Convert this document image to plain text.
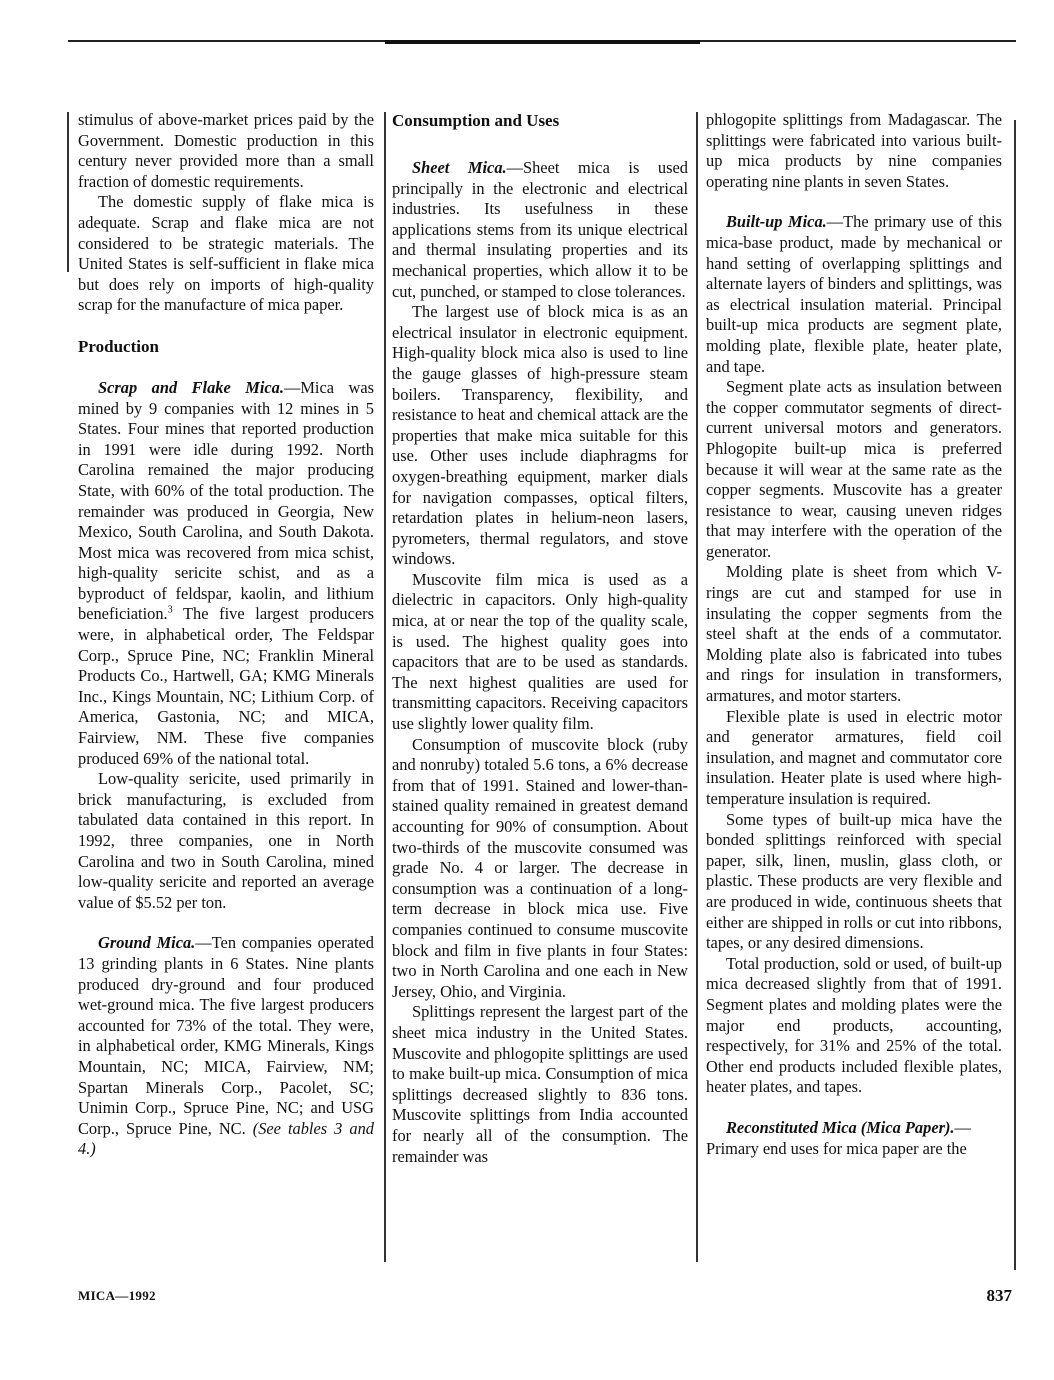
stimulus of above-market prices paid by the Government. Domestic production in this century never provided more than a small fraction of domestic requirements.

The domestic supply of flake mica is adequate. Scrap and flake mica are not considered to be strategic materials. The United States is self-sufficient in flake mica but does rely on imports of high-quality scrap for the manufacture of mica paper.

Production

Scrap and Flake Mica.—Mica was mined by 9 companies with 12 mines in 5 States. Four mines that reported production in 1991 were idle during 1992. North Carolina remained the major producing State, with 60% of the total production. The remainder was produced in Georgia, New Mexico, South Carolina, and South Dakota. Most mica was recovered from mica schist, high-quality sericite schist, and as a byproduct of feldspar, kaolin, and lithium beneficiation.$^3$ The five largest producers were, in alphabetical order, The Feldspar Corp., Spruce Pine, NC; Franklin Mineral Products Co., Hartwell, GA; KMG Minerals Inc., Kings Mountain, NC; Lithium Corp. of America, Gastonia, NC; and MICA, Fairview, NM. These five companies produced 69% of the national total.

Low-quality sericite, used primarily in brick manufacturing, is excluded from tabulated data contained in this report. In 1992, three companies, one in North Carolina and two in South Carolina, mined low-quality sericite and reported an average value of $5.52 per ton.

Ground Mica.—Ten companies operated 13 grinding plants in 6 States. Nine plants produced dry-ground and four produced wet-ground mica. The five largest producers accounted for 73% of the total. They were, in alphabetical order, KMG Minerals, Kings Mountain, NC; MICA, Fairview, NM; Spartan Minerals Corp., Pacolet, SC; Unimin Corp., Spruce Pine, NC; and USG Corp., Spruce Pine, NC. (See tables 3 and 4.)

Consumption and Uses

Sheet Mica.—Sheet mica is used principally in the electronic and electrical industries. Its usefulness in these applications stems from its unique electrical and thermal insulating properties and its mechanical properties, which allow it to be cut, punched, or stamped to close tolerances.

The largest use of block mica is as an electrical insulator in electronic equipment. High-quality block mica also is used to line the gauge glasses of high-pressure steam boilers. Transparency, flexibility, and resistance to heat and chemical attack are the properties that make mica suitable for this use. Other uses include diaphragms for oxygen-breathing equipment, marker dials for navigation compasses, optical filters, retardation plates in helium-neon lasers, pyrometers, thermal regulators, and stove windows.

Muscovite film mica is used as a dielectric in capacitors. Only high-quality mica, at or near the top of the quality scale, is used. The highest quality goes into capacitors that are to be used as standards. The next highest qualities are used for transmitting capacitors. Receiving capacitors use slightly lower quality film.

Consumption of muscovite block (ruby and nonruby) totaled 5.6 tons, a 6% decrease from that of 1991. Stained and lower-than-stained quality remained in greatest demand accounting for 90% of consumption. About two-thirds of the muscovite consumed was grade No. 4 or larger. The decrease in consumption was a continuation of a long-term decrease in block mica use. Five companies continued to consume muscovite block and film in five plants in four States: two in North Carolina and one each in New Jersey, Ohio, and Virginia.

Splittings represent the largest part of the sheet mica industry in the United States. Muscovite and phlogopite splittings are used to make built-up mica. Consumption of mica splittings decreased slightly to 836 tons. Muscovite splittings from India accounted for nearly all of the consumption. The remainder was

phlogopite splittings from Madagascar. The splittings were fabricated into various built-up mica products by nine companies operating nine plants in seven States.

Built-up Mica.—The primary use of this mica-base product, made by mechanical or hand setting of overlapping splittings and alternate layers of binders and splittings, was as electrical insulation material. Principal built-up mica products are segment plate, molding plate, flexible plate, heater plate, and tape.

Segment plate acts as insulation between the copper commutator segments of direct-current universal motors and generators. Phlogopite built-up mica is preferred because it will wear at the same rate as the copper segments. Muscovite has a greater resistance to wear, causing uneven ridges that may interfere with the operation of the generator.

Molding plate is sheet from which V-rings are cut and stamped for use in insulating the copper segments from the steel shaft at the ends of a commutator. Molding plate also is fabricated into tubes and rings for insulation in transformers, armatures, and motor starters.

Flexible plate is used in electric motor and generator armatures, field coil insulation, and magnet and commutator core insulation. Heater plate is used where high-temperature insulation is required.

Some types of built-up mica have the bonded splittings reinforced with special paper, silk, linen, muslin, glass cloth, or plastic. These products are very flexible and are produced in wide, continuous sheets that either are shipped in rolls or cut into ribbons, tapes, or any desired dimensions.

Total production, sold or used, of built-up mica decreased slightly from that of 1991. Segment plates and molding plates were the major end products, accounting, respectively, for 31% and 25% of the total. Other end products included flexible plates, heater plates, and tapes.

Reconstituted Mica (Mica Paper).—

Primary end uses for mica paper are the

MICA—1992	837
